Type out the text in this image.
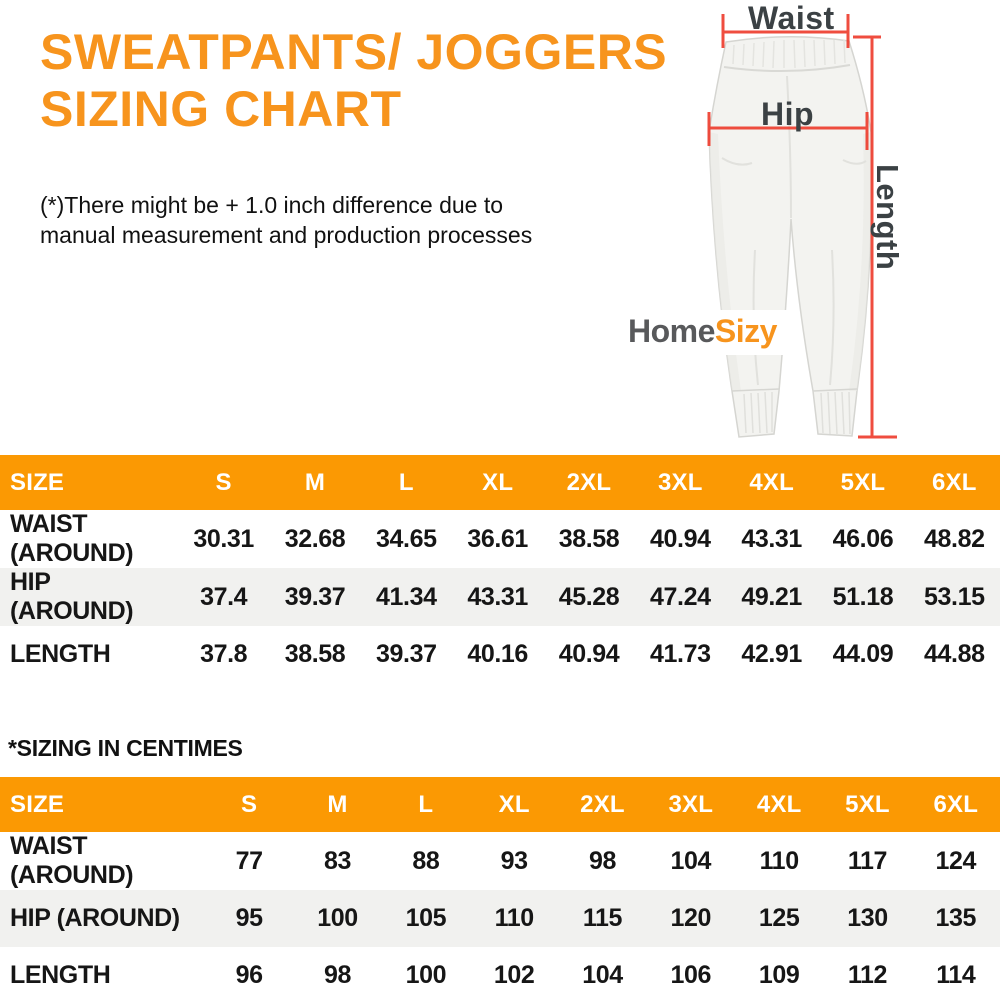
SWEATPANTS/ JOGGERS
SIZING CHART
(*)There might be + 1.0 inch difference due to
manual measurement and production processes
Waist
Hip
Length
HomeSizy
SIZE	S	M	L	XL	2XL	3XL	4XL	5XL	6XL
WAIST (AROUND)	30.31	32.68	34.65	36.61	38.58	40.94	43.31	46.06	48.82
HIP (AROUND)	37.4	39.37	41.34	43.31	45.28	47.24	49.21	51.18	53.15
LENGTH	37.8	38.58	39.37	40.16	40.94	41.73	42.91	44.09	44.88
*SIZING IN CENTIMES
SIZE	S	M	L	XL	2XL	3XL	4XL	5XL	6XL
WAIST (AROUND)	77	83	88	93	98	104	110	117	124
HIP (AROUND)	95	100	105	110	115	120	125	130	135
LENGTH	96	98	100	102	104	106	109	112	114
